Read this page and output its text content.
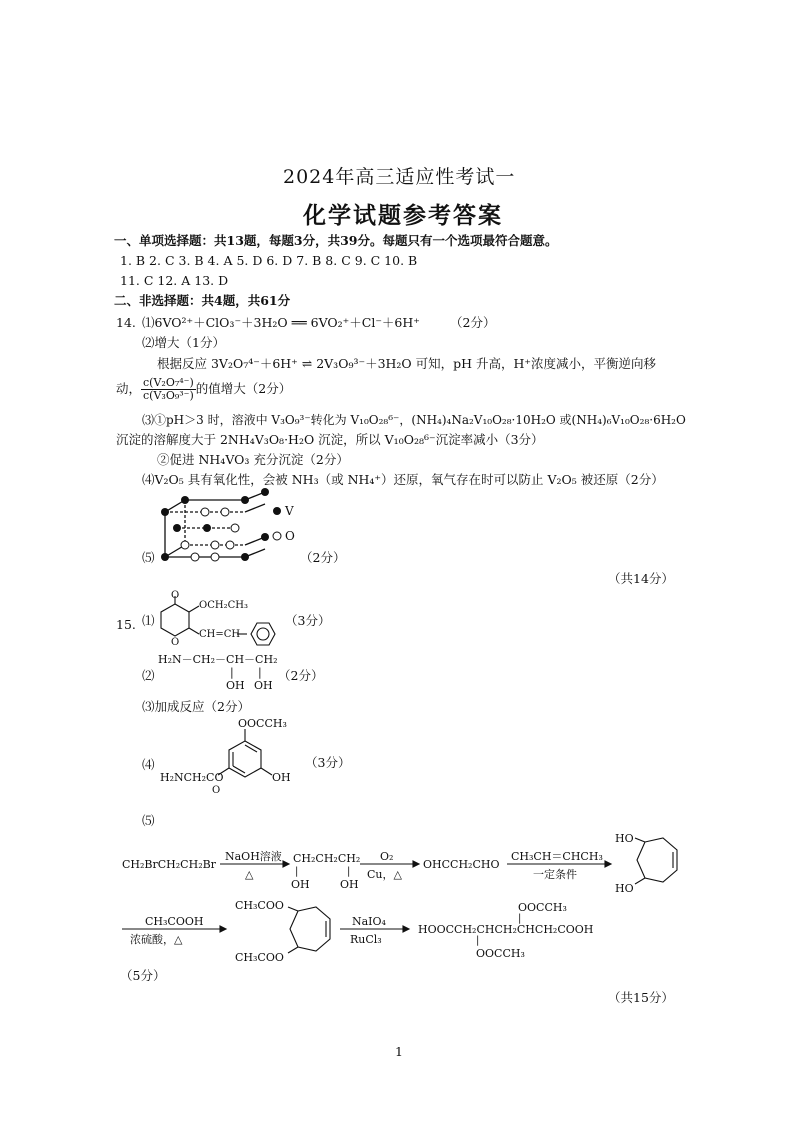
2024年高三适应性考试一
化学试题参考答案
一、单项选择题：共13题，每题3分，共39分。每题只有一个选项最符合题意。
1. B 2. C 3. B 4. A 5. D 6. D 7. B 8. C 9. C 10. B
11. C 12. A 13. D
二、非选择题：共4题，共61分
14. ⑴6VO²⁺＋ClO₃⁻＋3H₂O ══ 6VO₂⁺＋Cl⁻＋6H⁺ （2分）
⑵增大（1分）
根据反应 3V₂O₇⁴⁻＋6H⁺ ⇌ 2V₃O₉³⁻＋3H₂O 可知，pH 升高，H⁺浓度减小，平衡逆向移
动， $\frac{\text{c(V₂O₇⁴⁻)}}{\text{c(V₃O₉³⁻)}}$ 的值增大（2分）
⑶①pH＞3 时，溶液中 V₃O₉³⁻转化为 V₁₀O₂₈⁶⁻，(NH₄)₄Na₂V₁₀O₂₈·10H₂O 或(NH₄)₆V₁₀O₂₈·6H₂O
沉淀的溶解度大于 2NH₄V₃O₈·H₂O 沉淀，所以 V₁₀O₂₈⁶⁻沉淀率减小（3分）
②促进 NH₄VO₃ 充分沉淀（2分）
⑷V₂O₅ 具有氧化性，会被 NH₃（或 NH₄⁺）还原，氧气存在时可以防止 V₂O₅ 被还原（2分）
⑸
V
O
（2分）
（共14分）
15. ⑴
O
OCH₂CH₃
O
CH=CH
（3分）
⑵
H₂N－CH₂－CH－CH₂
| |
OH OH
（2分）
⑶加成反应（2分）
⑷
OOCCH₃
H₂NCH₂CO
O
OH
（3分）
⑸
CH₂BrCH₂CH₂Br
NaOH溶液
△
CH₂CH₂CH₂
|	|
OH	OH
O₂
Cu，△
OHCCH₂CHO
CH₃CH＝CHCH₃
一定条件
HO
HO
CH₃COOH
浓硫酸，△
CH₃COO
CH₃COO
NaIO₄
RuCl₃
OOCCH₃
|
HOOCCH₂CHCH₂CHCH₂COOH
|
OOCCH₃
（5分）
（共15分）
1
